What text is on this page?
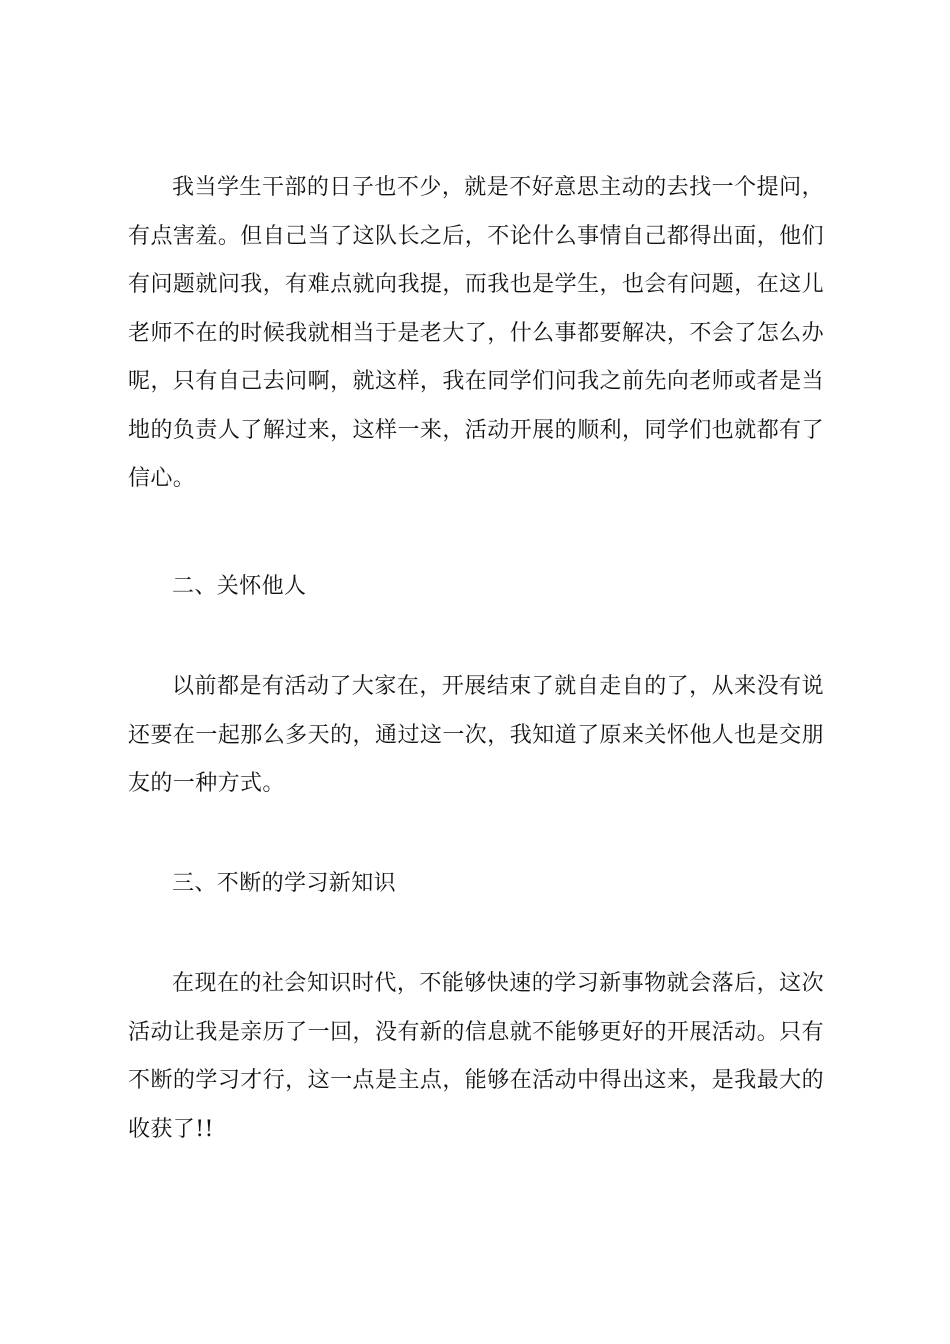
我当学生干部的日子也不少，就是不好意思主动的去找一个提问，有点害羞。但自己当了这队长之后，不论什么事情自己都得出面，他们有问题就问我，有难点就向我提，而我也是学生，也会有问题，在这儿老师不在的时候我就相当于是老大了，什么事都要解决，不会了怎么办呢，只有自己去问啊，就这样，我在同学们问我之前先向老师或者是当地的负责人了解过来，这样一来，活动开展的顺利，同学们也就都有了信心。

二、关怀他人

以前都是有活动了大家在，开展结束了就自走自的了，从来没有说还要在一起那么多天的，通过这一次，我知道了原来关怀他人也是交朋友的一种方式。

三、不断的学习新知识

在现在的社会知识时代，不能够快速的学习新事物就会落后，这次活动让我是亲历了一回，没有新的信息就不能够更好的开展活动。只有不断的学习才行，这一点是主点，能够在活动中得出这来，是我最大的收获了!!
